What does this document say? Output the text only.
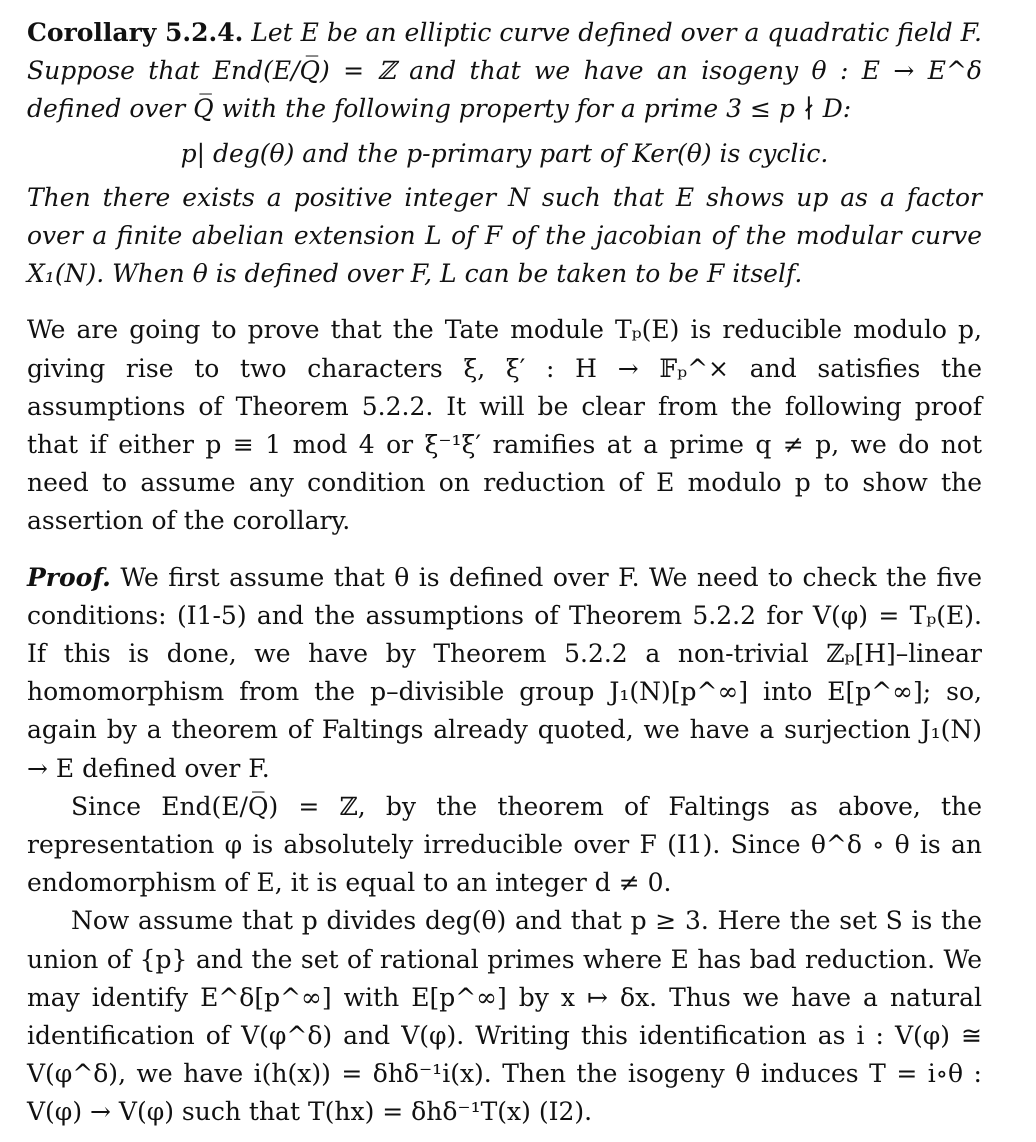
Corollary 5.2.4. Let E be an elliptic curve defined over a quadratic field F. Suppose that End(E/Q̅) = ℤ and that we have an isogeny θ : E → E^δ defined over Q̅ with the following property for a prime 3 ≤ p ∤ D:

p| deg(θ) and the p-primary part of Ker(θ) is cyclic.

Then there exists a positive integer N such that E shows up as a factor over a finite abelian extension L of F of the jacobian of the modular curve X₁(N). When θ is defined over F, L can be taken to be F itself.

We are going to prove that the Tate module Tₚ(E) is reducible modulo p, giving rise to two characters ξ, ξ′ : H → 𝔽ₚ^× and satisfies the assumptions of Theorem 5.2.2. It will be clear from the following proof that if either p ≡ 1 mod 4 or ξ⁻¹ξ′ ramifies at a prime q ≠ p, we do not need to assume any condition on reduction of E modulo p to show the assertion of the corollary.

Proof. We first assume that θ is defined over F. We need to check the five conditions: (I1-5) and the assumptions of Theorem 5.2.2 for V(φ) = Tₚ(E). If this is done, we have by Theorem 5.2.2 a non-trivial ℤₚ[H]–linear homomorphism from the p–divisible group J₁(N)[p^∞] into E[p^∞]; so, again by a theorem of Faltings already quoted, we have a surjection J₁(N) → E defined over F.

Since End(E/Q̅) = ℤ, by the theorem of Faltings as above, the representation φ is absolutely irreducible over F (I1). Since θ^δ ∘ θ is an endomorphism of E, it is equal to an integer d ≠ 0.

Now assume that p divides deg(θ) and that p ≥ 3. Here the set S is the union of {p} and the set of rational primes where E has bad reduction. We may identify E^δ[p^∞] with E[p^∞] by x ↦ δx. Thus we have a natural identification of V(φ^δ) and V(φ). Writing this identification as i : V(φ) ≅ V(φ^δ), we have i(h(x)) = δhδ⁻¹i(x). Then the isogeny θ induces T = i∘θ : V(φ) → V(φ) such that T(hx) = δhδ⁻¹T(x) (I2).
